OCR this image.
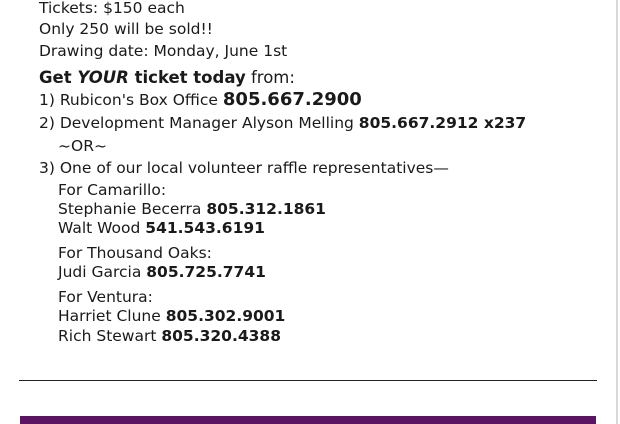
Tickets: $150 each
Only 250 will be sold!!
Drawing date: Monday, June 1st
Get YOUR ticket today from:
1) Rubicon's Box Office 805.667.2900
2) Development Manager Alyson Melling 805.667.2912 x237
~OR~
3) One of our local volunteer raffle representatives—
For Camarillo:
Stephanie Becerra 805.312.1861
Walt Wood 541.543.6191
For Thousand Oaks:
Judi Garcia 805.725.7741
For Ventura:
Harriet Clune 805.302.9001
Rich Stewart 805.320.4388
